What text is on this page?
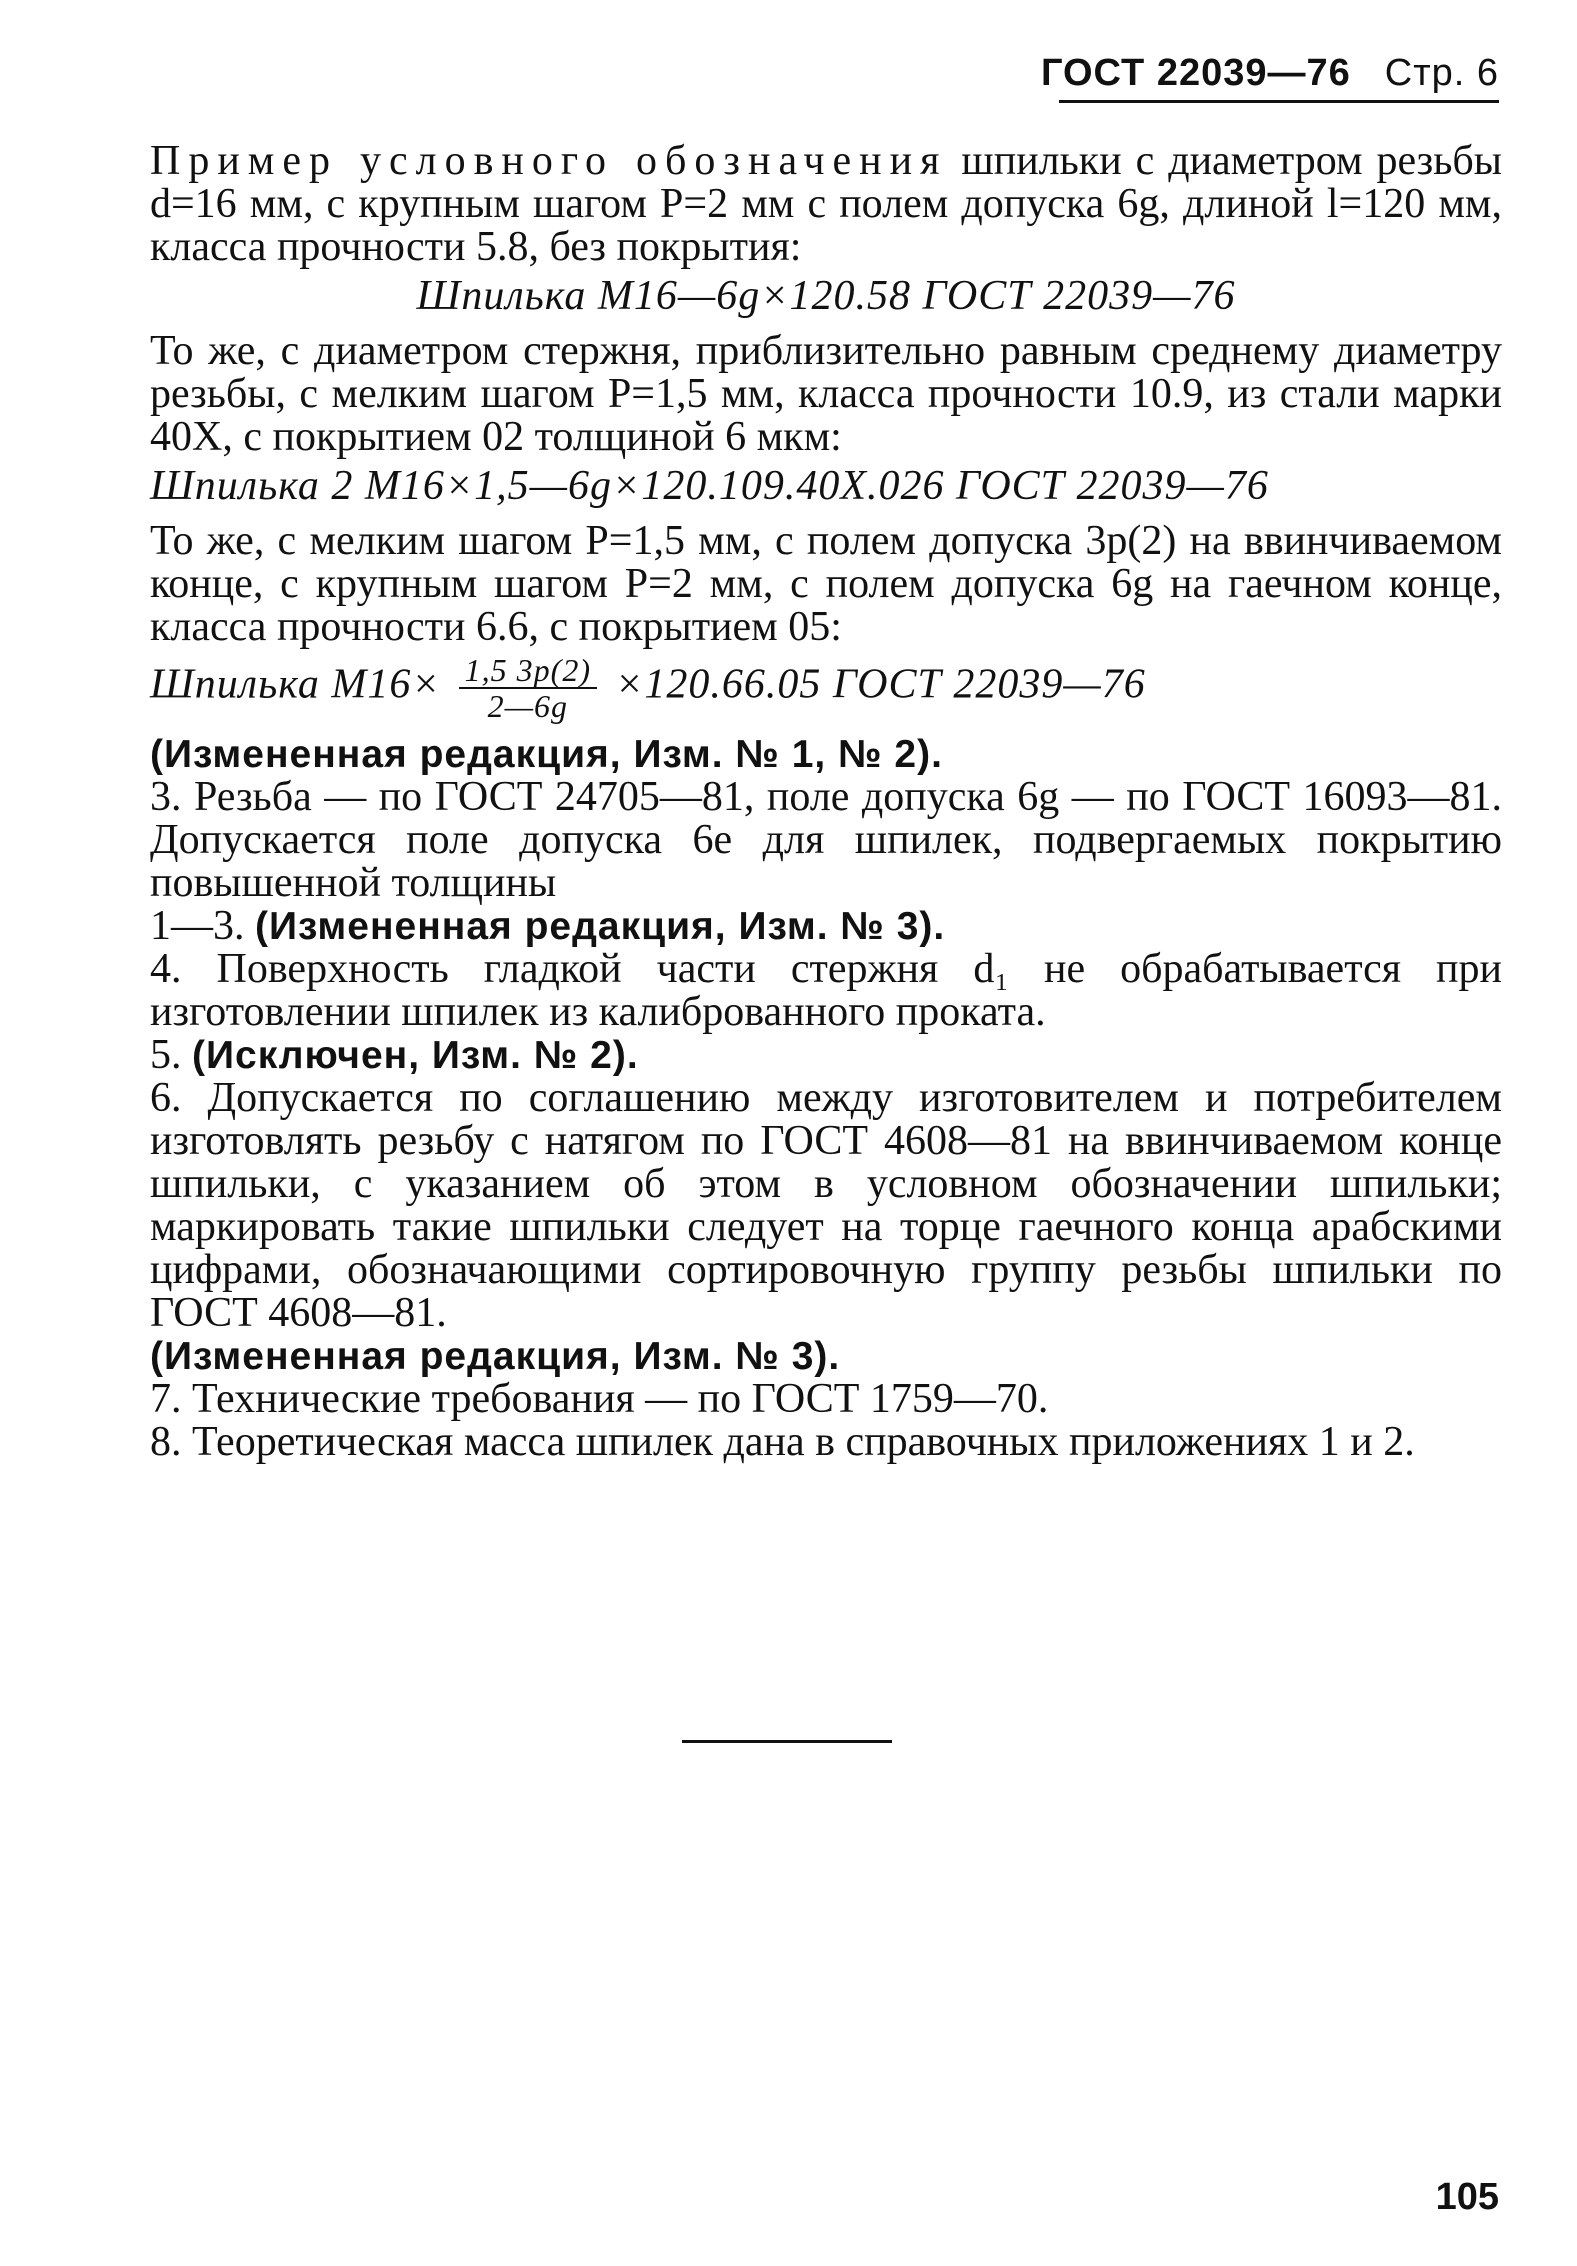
ГОСТ 22039—76 Стр. 6

Пример условного обозначения шпильки с диаметром резьбы d=16 мм, с крупным шагом P=2 мм с полем допуска 6g, длиной l=120 мм, класса прочности 5.8, без покрытия:

Шпилька М16—6g×120.58 ГОСТ 22039—76

То же, с диаметром стержня, приблизительно равным среднему диаметру резьбы, с мелким шагом P=1,5 мм, класса прочности 10.9, из стали марки 40Х, с покрытием 02 толщиной 6 мкм:

Шпилька 2 М16×1,5—6g×120.109.40Х.026 ГОСТ 22039—76

То же, с мелким шагом P=1,5 мм, с полем допуска 3p(2) на ввинчиваемом конце, с крупным шагом P=2 мм, с полем допуска 6g на гаечном конце, класса прочности 6.6, с покрытием 05:

Шпилька $М16\times \frac{1,5 3p(2)}{2—6g} \times 120.66.05$ ГОСТ 22039—76

(Измененная редакция, Изм. № 1, № 2).

3. Резьба — по ГОСТ 24705—81, поле допуска 6g — по ГОСТ 16093—81. Допускается поле допуска 6е для шпилек, подвергаемых покрытию повышенной толщины

1—3. (Измененная редакция, Изм. № 3).

4. Поверхность гладкой части стержня d₁ не обрабатывается при изготовлении шпилек из калиброванного проката.

5. (Исключен, Изм. № 2).

6. Допускается по соглашению между изготовителем и потребителем изготовлять резьбу с натягом по ГОСТ 4608—81 на ввинчиваемом конце шпильки, с указанием об этом в условном обозначении шпильки; маркировать такие шпильки следует на торце гаечного конца арабскими цифрами, обозначающими сортировочную группу резьбы шпильки по ГОСТ 4608—81.

(Измененная редакция, Изм. № 3).

7. Технические требования — по ГОСТ 1759—70.

8. Теоретическая масса шпилек дана в справочных приложениях 1 и 2.

105
